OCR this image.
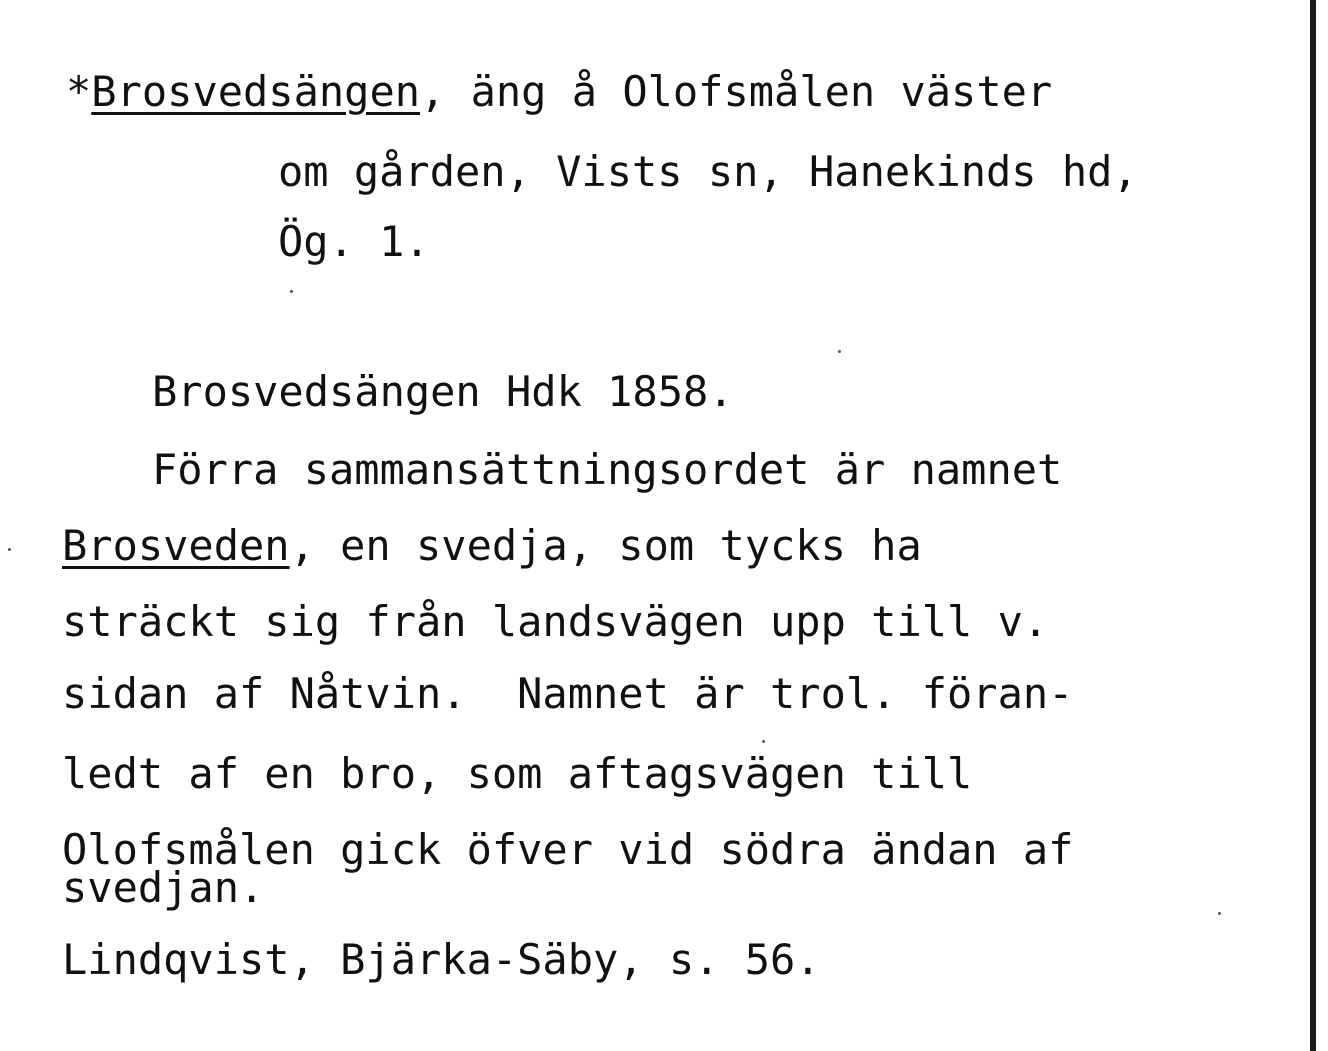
*Brosvedsängen, äng å Olofsmålen väster
om gården, Vists sn, Hanekinds hd,
Ög. 1.
Brosvedsängen Hdk 1858.
Förra sammansättningsordet är namnet
Brosveden, en svedja, som tycks ha
sträckt sig från landsvägen upp till v.
sidan af Nåtvin.  Namnet är trol. föran-
ledt af en bro, som aftagsvägen till
Olofsmålen gick öfver vid södra ändan af
svedjan.
Lindqvist, Bjärka-Säby, s. 56.
